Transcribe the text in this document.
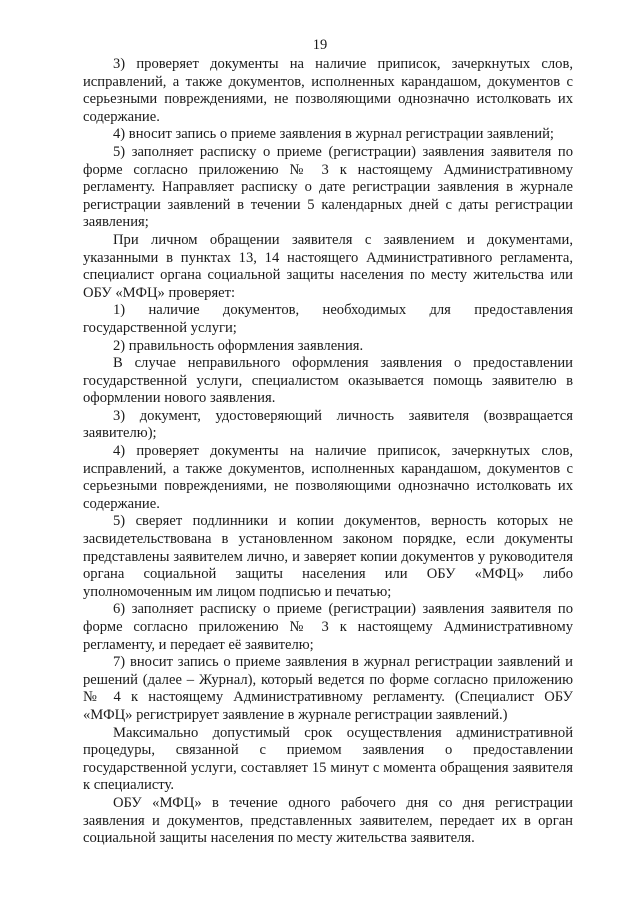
19

3) проверяет документы на наличие приписок, зачеркнутых слов, исправлений, а также документов, исполненных карандашом, документов с серьезными повреждениями, не позволяющими однозначно истолковать их содержание.

4) вносит запись о приеме заявления в журнал регистрации заявлений;

5) заполняет расписку о приеме (регистрации) заявления заявителя по форме согласно приложению № 3 к настоящему Административному регламенту. Направляет расписку о дате регистрации заявления в журнале регистрации заявлений в течении 5 календарных дней с даты регистрации заявления;

При личном обращении заявителя с заявлением и документами, указанными в пунктах 13, 14 настоящего Административного регламента, специалист органа социальной защиты населения по месту жительства или ОБУ «МФЦ» проверяет:

1) наличие документов, необходимых для предоставления государственной услуги;

2) правильность оформления заявления.

В случае неправильного оформления заявления о предоставлении государственной услуги, специалистом оказывается помощь заявителю в оформлении нового заявления.

3) документ, удостоверяющий личность заявителя (возвращается заявителю);

4) проверяет документы на наличие приписок, зачеркнутых слов, исправлений, а также документов, исполненных карандашом, документов с серьезными повреждениями, не позволяющими однозначно истолковать их содержание.

5) сверяет подлинники и копии документов, верность которых не засвидетельствована в установленном законом порядке, если документы представлены заявителем лично, и заверяет копии документов у руководителя органа социальной защиты населения или ОБУ «МФЦ» либо уполномоченным им лицом подписью и печатью;

6) заполняет расписку о приеме (регистрации) заявления заявителя по форме согласно приложению № 3 к настоящему Административному регламенту, и передает её заявителю;

7) вносит запись о приеме заявления в журнал регистрации заявлений и решений (далее – Журнал), который ведется по форме согласно приложению № 4 к настоящему Административному регламенту. (Специалист ОБУ «МФЦ» регистрирует заявление в журнале регистрации заявлений.)

Максимально допустимый срок осуществления административной процедуры, связанной с приемом заявления о предоставлении государственной услуги, составляет 15 минут с момента обращения заявителя к специалисту.

ОБУ «МФЦ» в течение одного рабочего дня со дня регистрации заявления и документов, представленных заявителем, передает их в орган социальной защиты населения по месту жительства заявителя.
